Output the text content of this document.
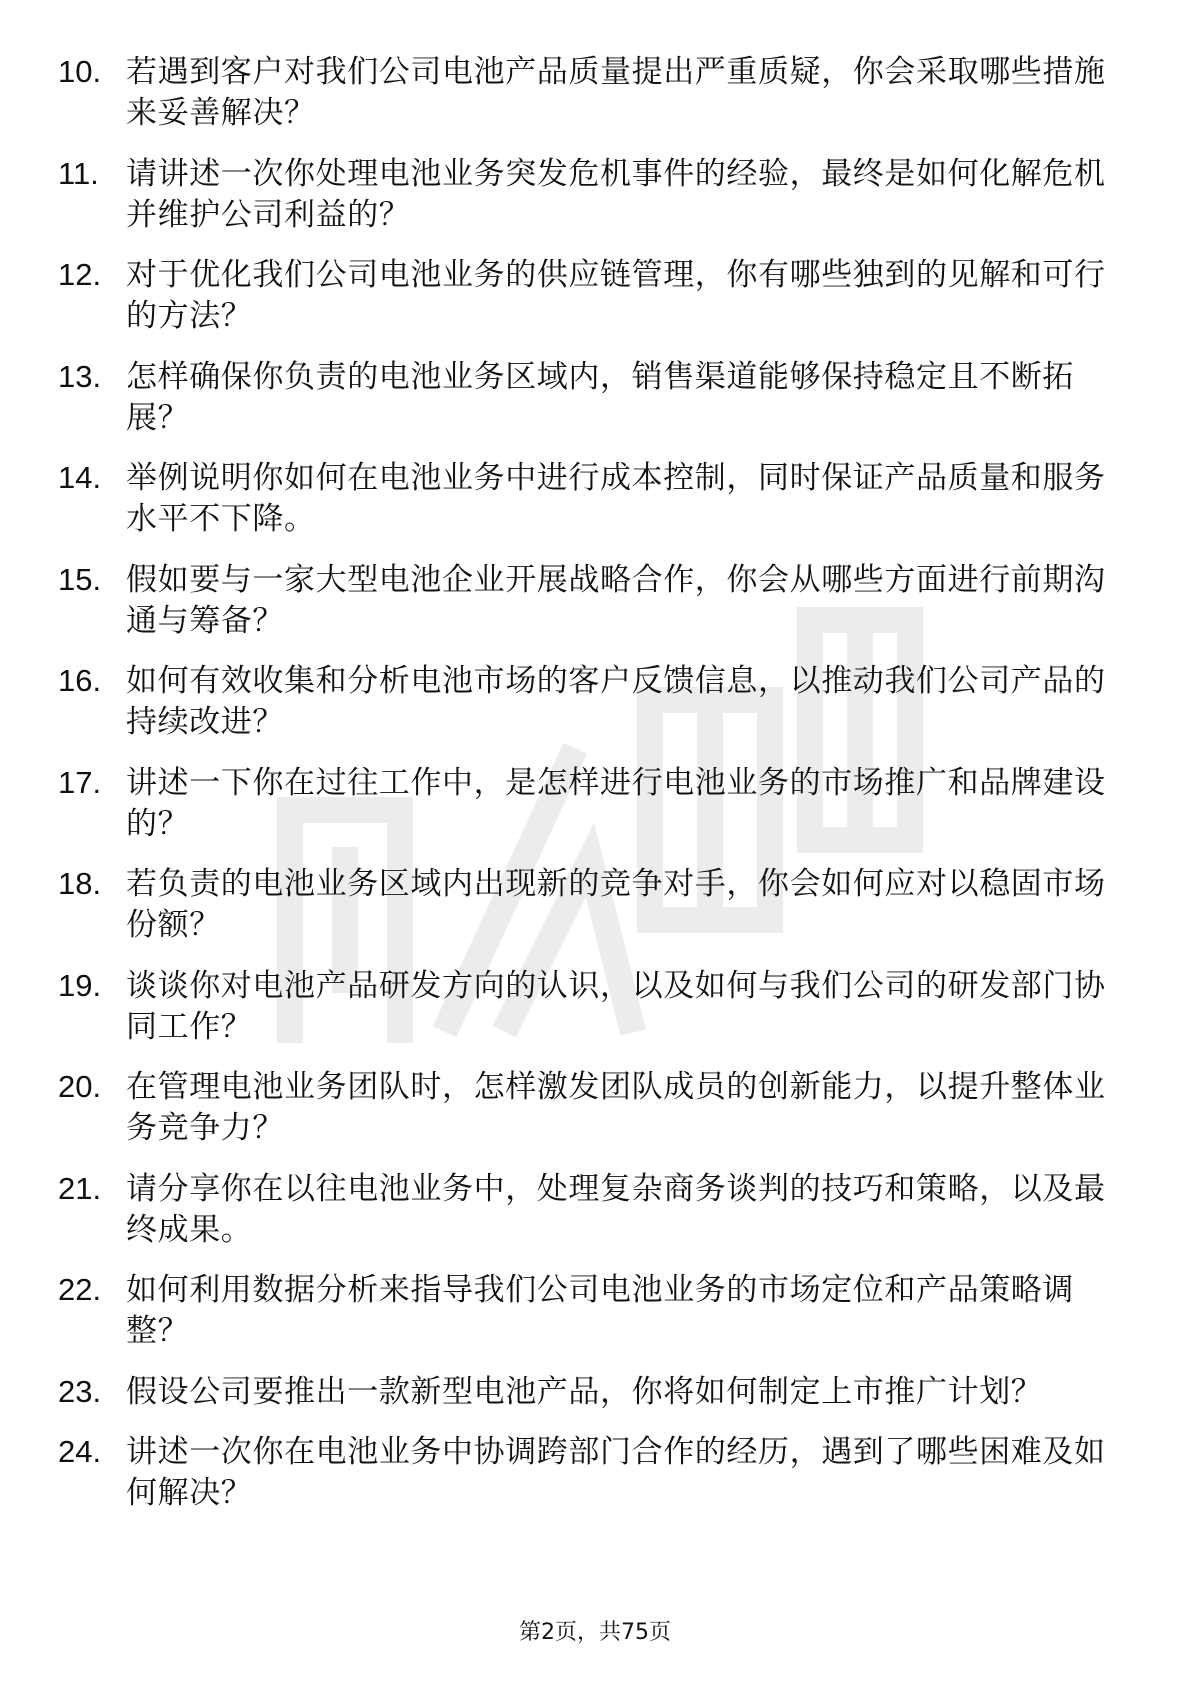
10. 若遇到客户对我们公司电池产品质量提出严重质疑，你会采取哪些措施来妥善解决？
11. 请讲述一次你处理电池业务突发危机事件的经验，最终是如何化解危机并维护公司利益的？
12. 对于优化我们公司电池业务的供应链管理，你有哪些独到的见解和可行的方法？
13. 怎样确保你负责的电池业务区域内，销售渠道能够保持稳定且不断拓展？
14. 举例说明你如何在电池业务中进行成本控制，同时保证产品质量和服务水平不下降。
15. 假如要与一家大型电池企业开展战略合作，你会从哪些方面进行前期沟通与筹备？
16. 如何有效收集和分析电池市场的客户反馈信息，以推动我们公司产品的持续改进？
17. 讲述一下你在过往工作中，是怎样进行电池业务的市场推广和品牌建设的？
18. 若负责的电池业务区域内出现新的竞争对手，你会如何应对以稳固市场份额？
19. 谈谈你对电池产品研发方向的认识，以及如何与我们公司的研发部门协同工作？
20. 在管理电池业务团队时，怎样激发团队成员的创新能力，以提升整体业务竞争力？
21. 请分享你在以往电池业务中，处理复杂商务谈判的技巧和策略，以及最终成果。
22. 如何利用数据分析来指导我们公司电池业务的市场定位和产品策略调整？
23. 假设公司要推出一款新型电池产品，你将如何制定上市推广计划？
24. 讲述一次你在电池业务中协调跨部门合作的经历，遇到了哪些困难及如何解决？
第2页，共75页
